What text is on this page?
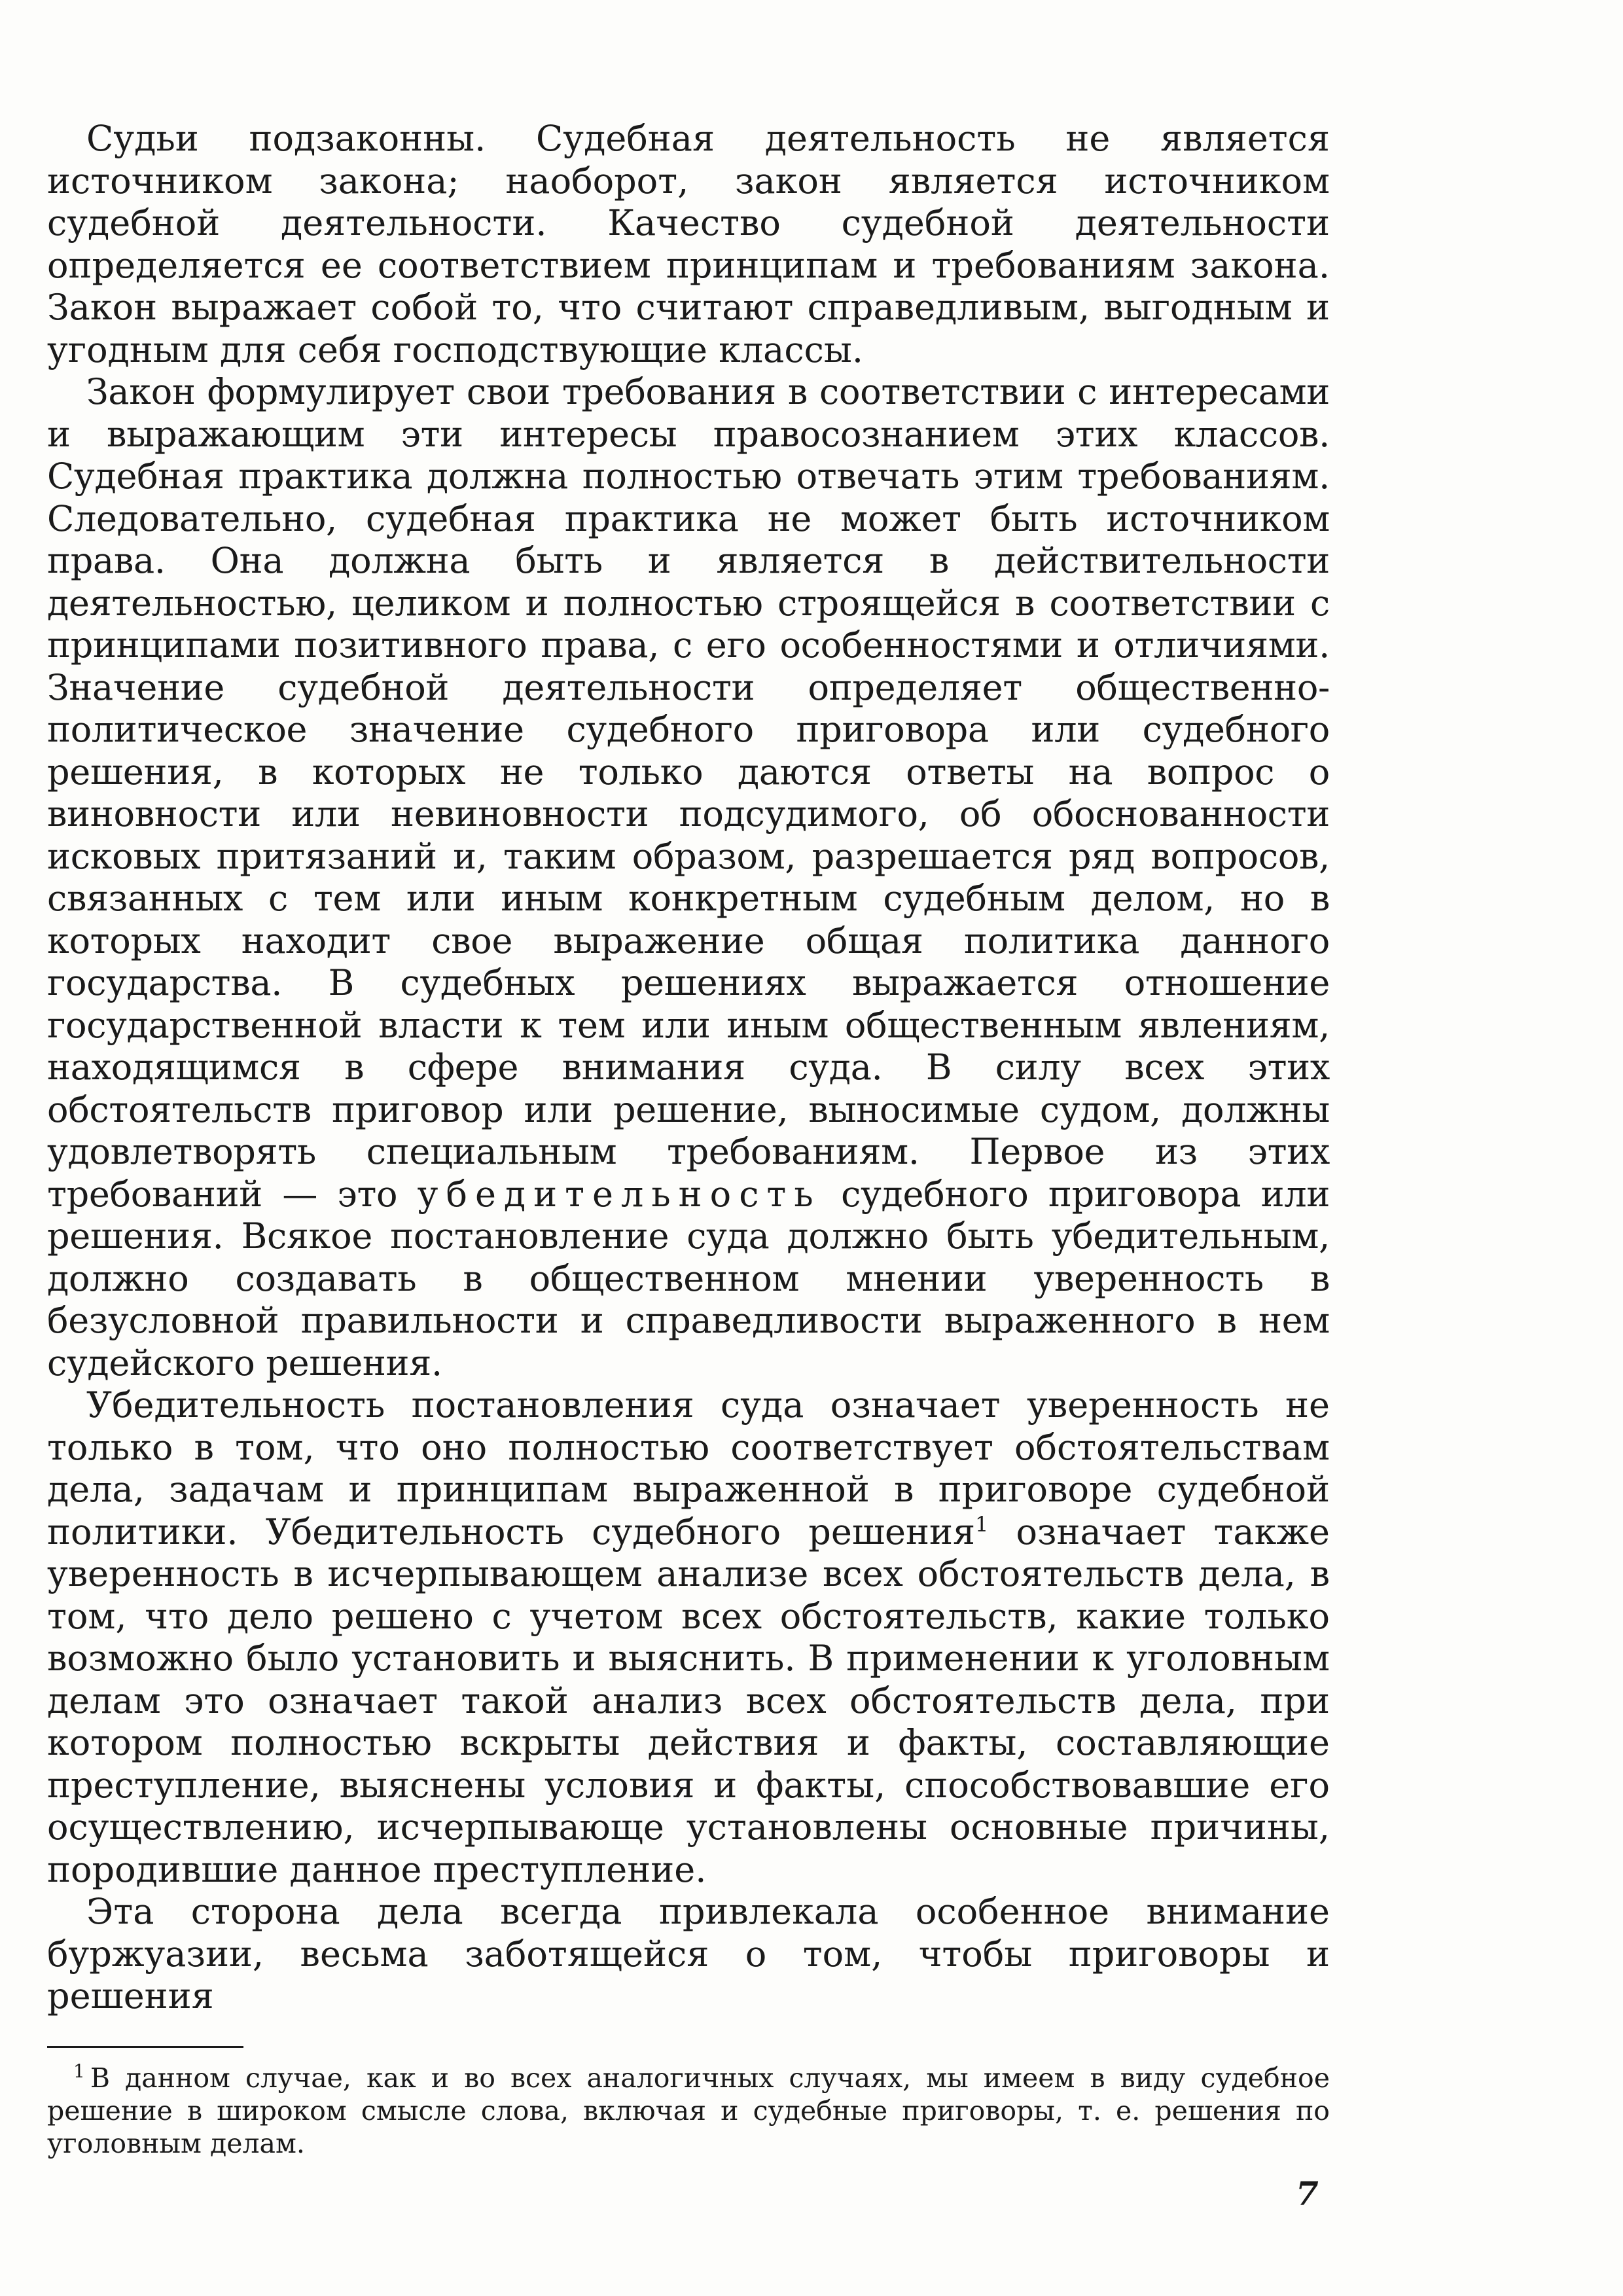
Судьи подзаконны. Судебная деятельность не является источником закона; наоборот, закон является источником судебной деятельности. Качество судебной деятельности определяется ее соответствием принципам и требованиям закона. Закон выражает собой то, что считают справедливым, выгодным и угодным для себя господствующие классы.

Закон формулирует свои требования в соответствии с интересами и выражающим эти интересы правосознанием этих классов. Судебная практика должна полностью отвечать этим требованиям. Следовательно, судебная практика не может быть источником права. Она должна быть и является в действительности деятельностью, целиком и полностью строящейся в соответствии с принципами позитивного права, с его особенностями и отличиями. Значение судебной деятельности определяет общественно-политическое значение судебного приговора или судебного решения, в которых не только даются ответы на вопрос о виновности или невиновности подсудимого, об обоснованности исковых притязаний и, таким образом, разрешается ряд вопросов, связанных с тем или иным конкретным судебным делом, но в которых находит свое выражение общая политика данного государства. В судебных решениях выражается отношение государственной власти к тем или иным общественным явлениям, находящимся в сфере внимания суда. В силу всех этих обстоятельств приговор или решение, выносимые судом, должны удовлетворять специальным требованиям. Первое из этих требований — это убедительность судебного приговора или решения. Всякое постановление суда должно быть убедительным, должно создавать в общественном мнении уверенность в безусловной правильности и справедливости выраженного в нем судейского решения.

Убедительность постановления суда означает уверенность не только в том, что оно полностью соответствует обстоятельствам дела, задачам и принципам выраженной в приговоре судебной политики. Убедительность судебного решения$^1$ означает также уверенность в исчерпывающем анализе всех обстоятельств дела, в том, что дело решено с учетом всех обстоятельств, какие только возможно было установить и выяснить. В применении к уголовным делам это означает такой анализ всех обстоятельств дела, при котором полностью вскрыты действия и факты, составляющие преступление, выяснены условия и факты, способствовавшие его осуществлению, исчерпывающе установлены основные причины, породившие данное преступление.

Эта сторона дела всегда привлекала особенное внимание буржуазии, весьма заботящейся о том, чтобы приговоры и решения

$^1$ В данном случае, как и во всех аналогичных случаях, мы имеем в виду судебное решение в широком смысле слова, включая и судебные приговоры, т. е. решения по уголовным делам.

7
